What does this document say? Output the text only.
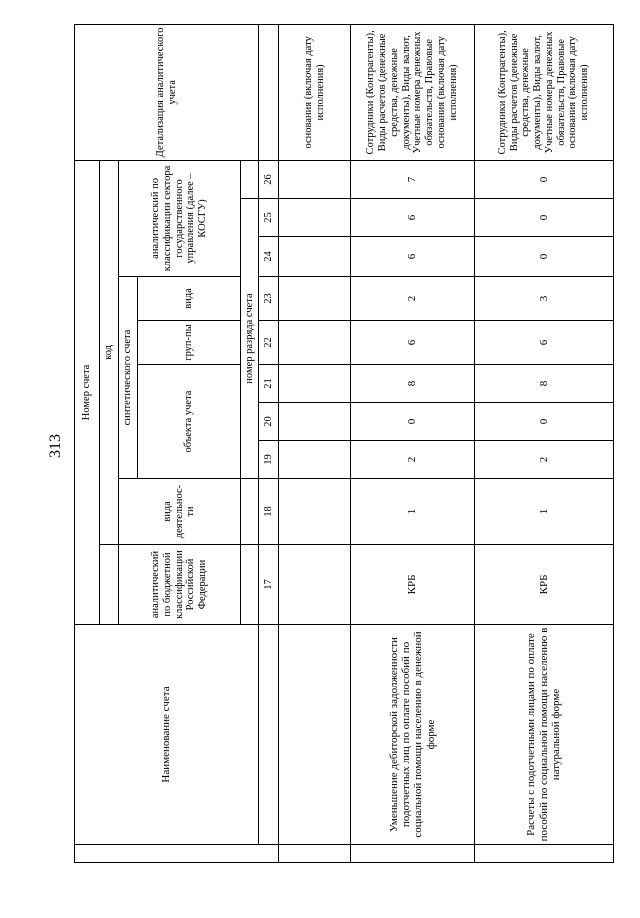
313
	Наименование счета	Номер счета										Детализация аналитического учета
			код									
		аналитический по бюджетной классификации Российской Федерации	вида деятельнос-ти	синтетического счета					аналитический по классификации сектора государственного управления (далее – КОСГУ)			
				объекта учета			груп-пы	вида				
				номер разряда счета								
		17	18	19	20	21	22	23	24	25	26	
												основания (включая дату исполнения)
	Уменьшение дебиторской задолженности подотчетных лиц по оплате пособий по социальной помощи населению в денежной форме	КРБ	1	2	0	8	6	2	6	6	7	Сотрудники (Контрагенты), Виды расчетов (денежные средства, денежные документы), Виды валют, Учетные номера денежных обязательств, Правовые основания (включая дату исполнения)
	Расчеты с подотчетными лицами по оплате пособий по социальной помощи населению в натуральной форме	КРБ	1	2	0	8	6	3	0	0	0	Сотрудники (Контрагенты), Виды расчетов (денежные средства, денежные документы), Виды валют, Учетные номера денежных обязательств, Правовые основания (включая дату исполнения)
